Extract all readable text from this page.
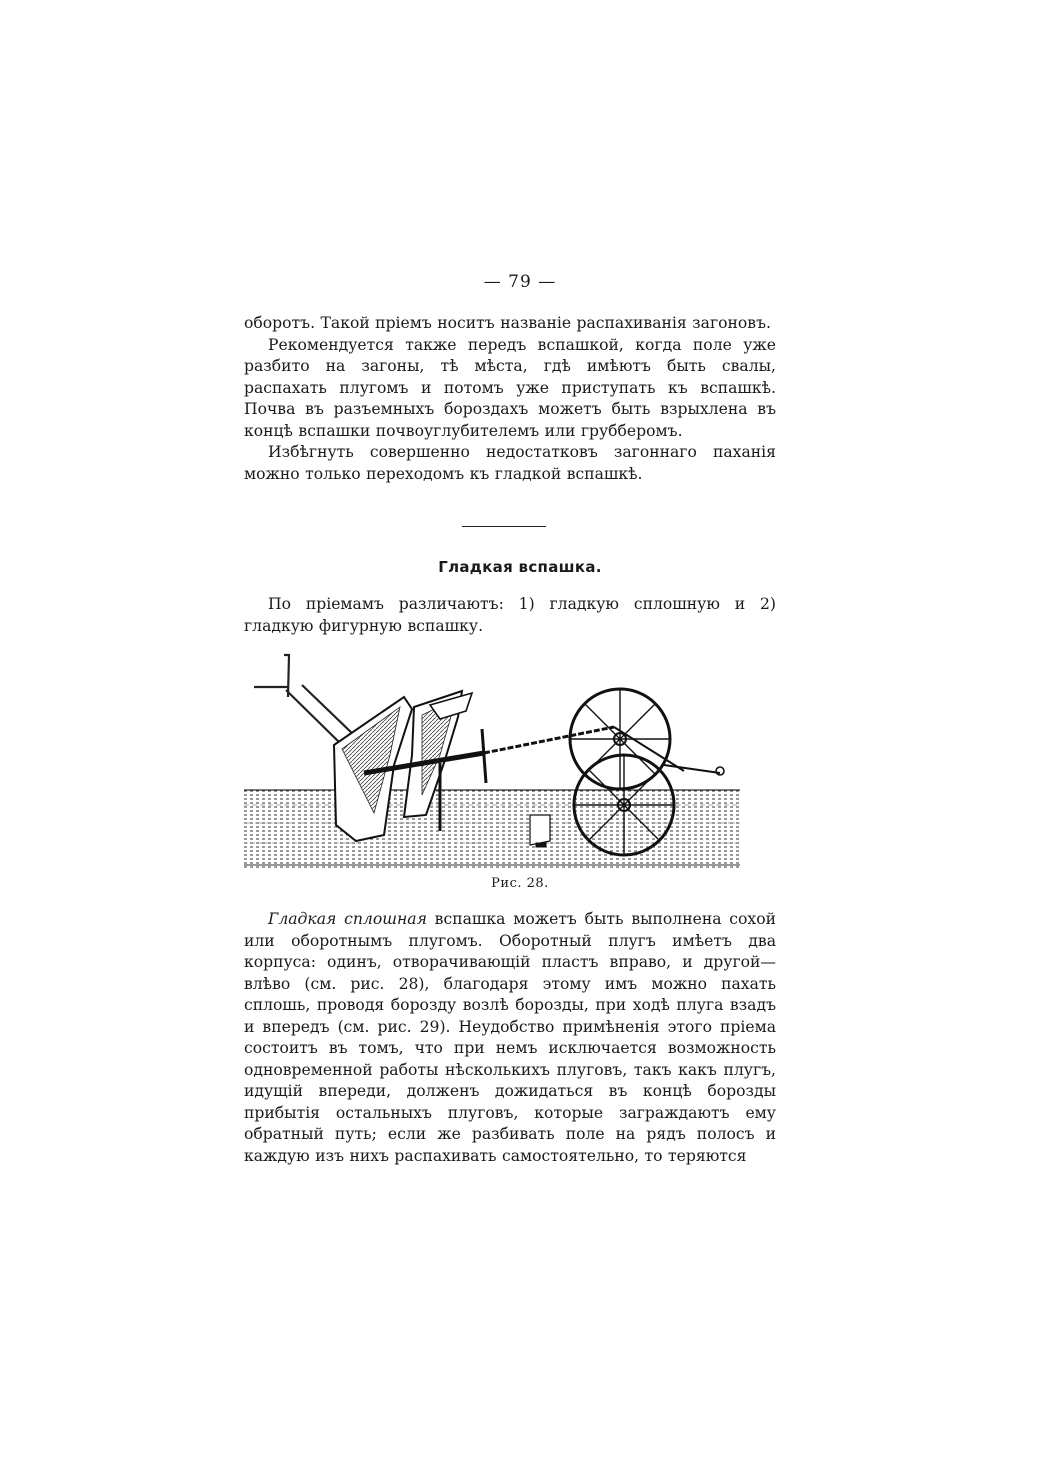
— 79 —

оборотъ. Такой пріемъ носитъ названіе распахиванія загоновъ.

Рекомендуется также передъ вспашкой, когда поле уже разбито на загоны, тѣ мѣста, гдѣ имѣютъ быть свалы, распахать плугомъ и потомъ уже приступать къ вспашкѣ. Почва въ разъемныхъ бороздахъ можетъ быть взрыхлена въ концѣ вспашки почвоуглубителемъ или грубберомъ.

Избѣгнуть совершенно недостатковъ загоннаго паханія можно только переходомъ къ гладкой вспашкѣ.

Гладкая вспашка.

По пріемамъ различаютъ: 1) гладкую сплошную и 2) гладкую фигурную вспашку.

Рис. 28.

Гладкая сплошная вспашка можетъ быть выполнена сохой или оборотнымъ плугомъ. Оборотный плугъ имѣетъ два корпуса: одинъ, отворачивающій пластъ вправо, и другой—влѣво (см. рис. 28), благодаря этому имъ можно пахать сплошь, проводя борозду возлѣ борозды, при ходѣ плуга взадъ и впередъ (см. рис. 29). Неудобство примѣненія этого пріема состоитъ въ томъ, что при немъ исключается возможность одновременной работы нѣсколькихъ плуговъ, такъ какъ плугъ, идущій впереди, долженъ дожидаться въ концѣ борозды прибытія остальныхъ плуговъ, которые заграждаютъ ему обратный путь; если же разбивать поле на рядъ полосъ и каждую изъ нихъ распахивать самостоятельно, то теряются
